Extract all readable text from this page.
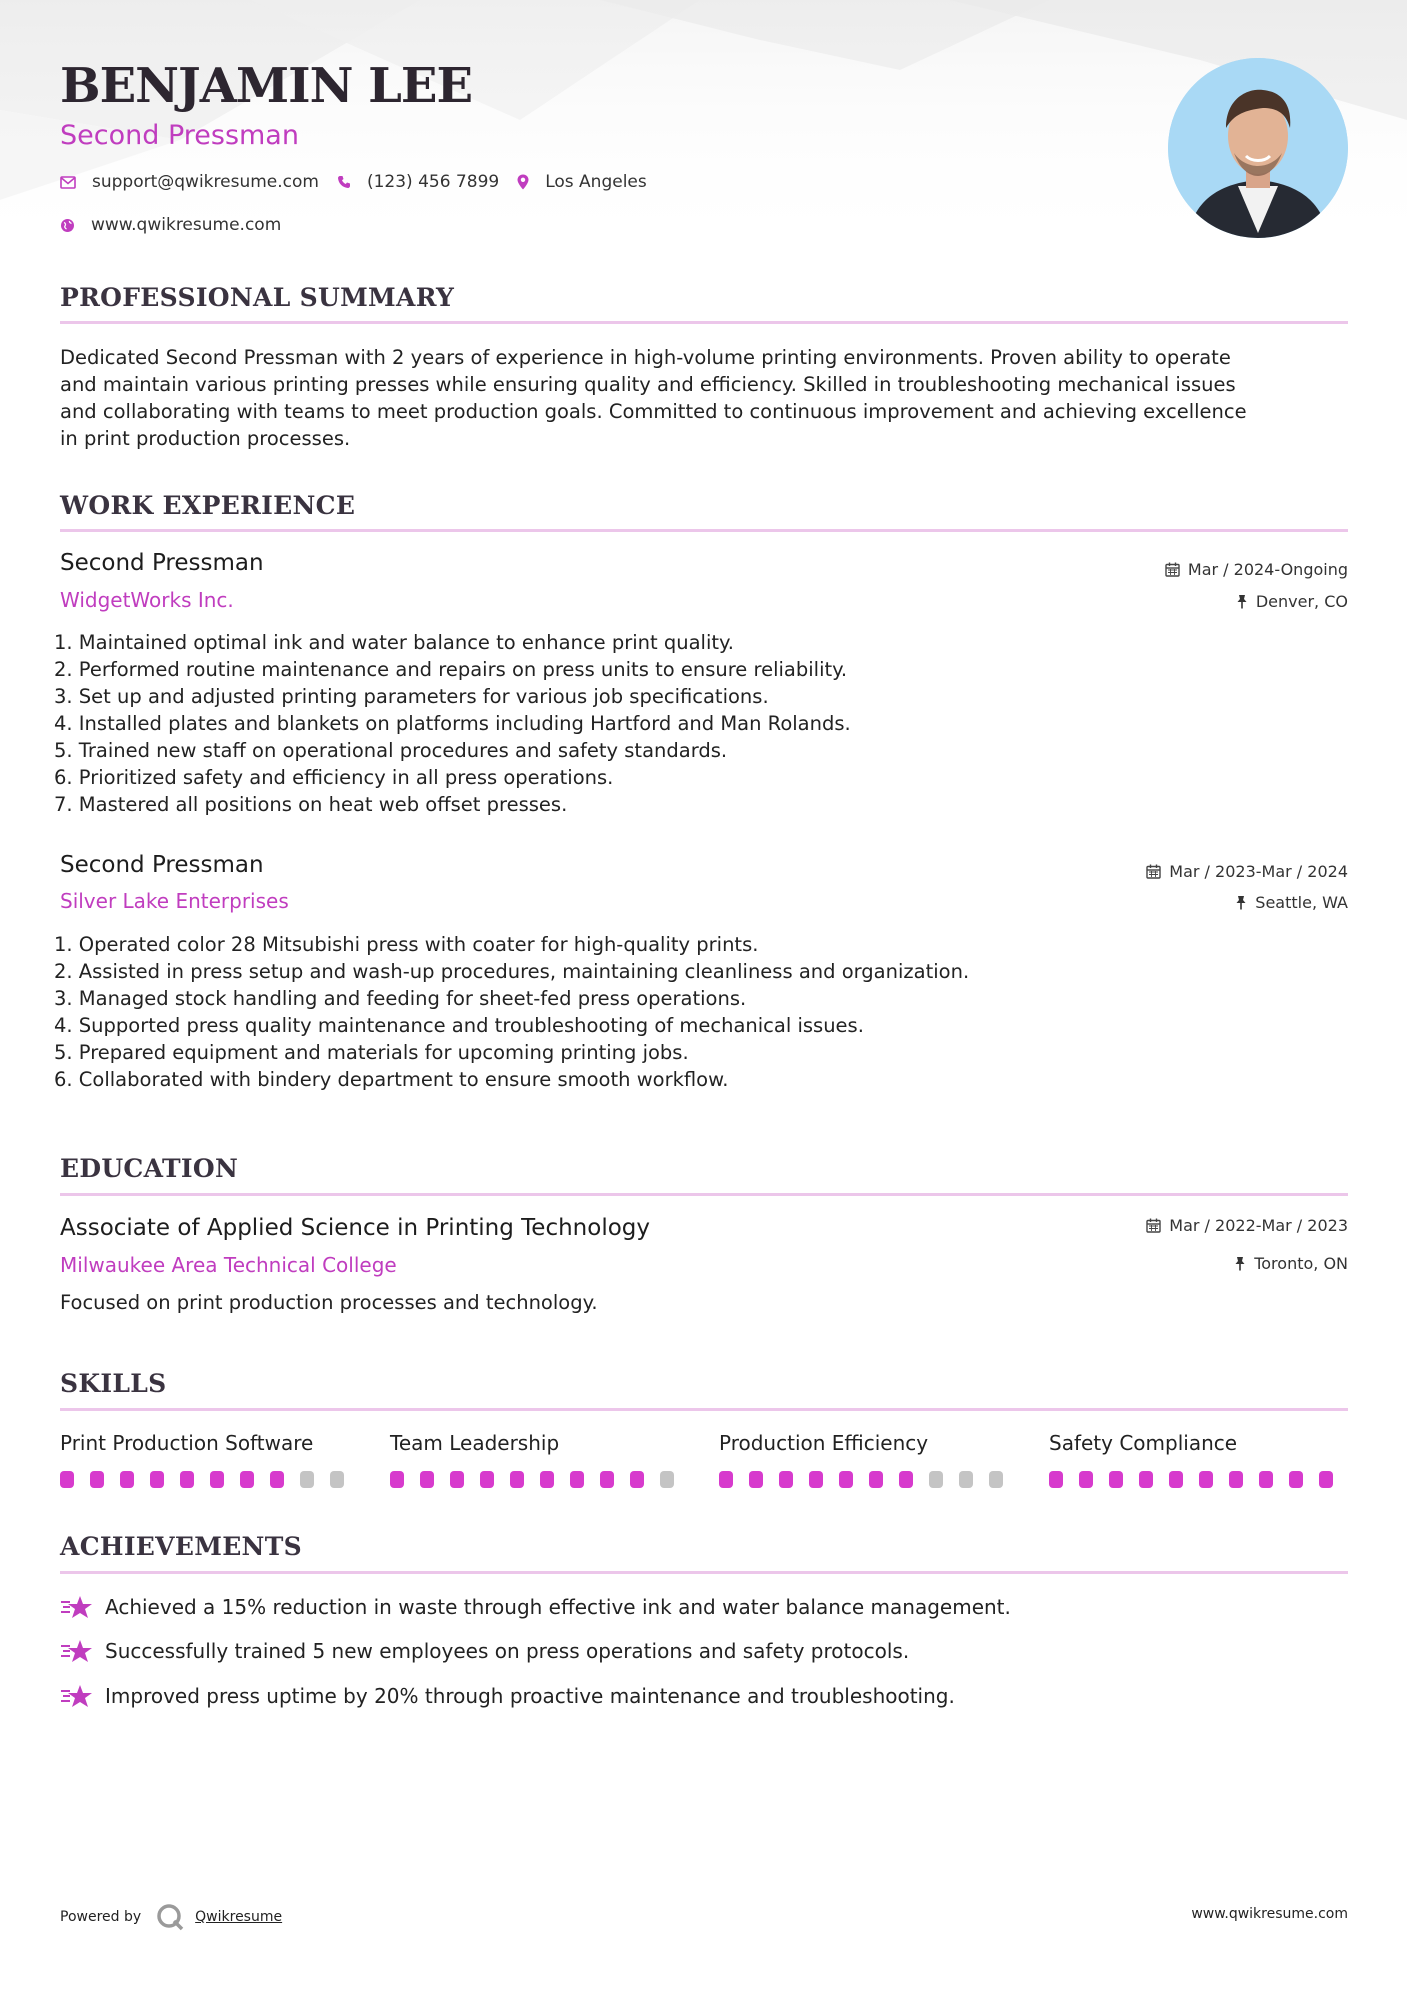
BENJAMIN LEE
Second Pressman
support@qwikresume.com	(123) 456 7899	Los Angeles
www.qwikresume.com
PROFESSIONAL SUMMARY
Dedicated Second Pressman with 2 years of experience in high-volume printing environments. Proven ability to operate
and maintain various printing presses while ensuring quality and efficiency. Skilled in troubleshooting mechanical issues
and collaborating with teams to meet production goals. Committed to continuous improvement and achieving excellence
in print production processes.
WORK EXPERIENCE
Second Pressman
WidgetWorks Inc.
Mar / 2024-Ongoing
Denver, CO
1. Maintained optimal ink and water balance to enhance print quality.
2. Performed routine maintenance and repairs on press units to ensure reliability.
3. Set up and adjusted printing parameters for various job specifications.
4. Installed plates and blankets on platforms including Hartford and Man Rolands.
5. Trained new staff on operational procedures and safety standards.
6. Prioritized safety and efficiency in all press operations.
7. Mastered all positions on heat web offset presses.
Second Pressman
Silver Lake Enterprises
Mar / 2023-Mar / 2024
Seattle, WA
1. Operated color 28 Mitsubishi press with coater for high-quality prints.
2. Assisted in press setup and wash-up procedures, maintaining cleanliness and organization.
3. Managed stock handling and feeding for sheet-fed press operations.
4. Supported press quality maintenance and troubleshooting of mechanical issues.
5. Prepared equipment and materials for upcoming printing jobs.
6. Collaborated with bindery department to ensure smooth workflow.
EDUCATION
Associate of Applied Science in Printing Technology
Milwaukee Area Technical College
Mar / 2022-Mar / 2023
Toronto, ON
Focused on print production processes and technology.
SKILLS
Print Production Software	Team Leadership	Production Efficiency	Safety Compliance
ACHIEVEMENTS
Achieved a 15% reduction in waste through effective ink and water balance management.
Successfully trained 5 new employees on press operations and safety protocols.
Improved press uptime by 20% through proactive maintenance and troubleshooting.
Powered by	Qwikresume	www.qwikresume.com
